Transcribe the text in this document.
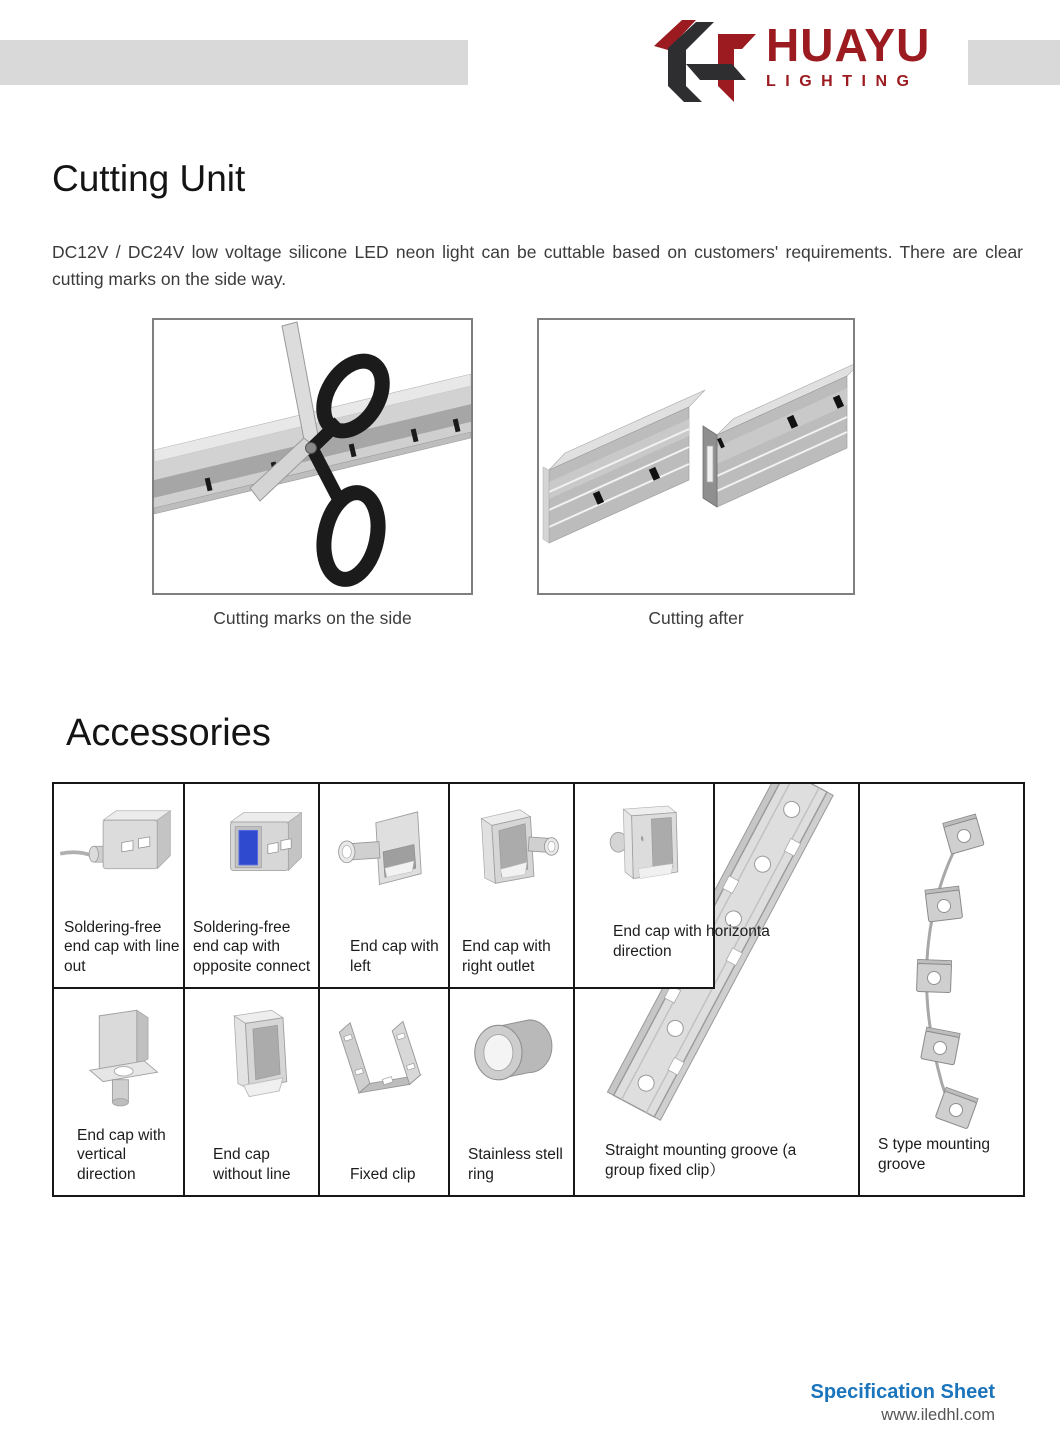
HUAYU
LIGHTING
Cutting Unit
DC12V / DC24V low voltage silicone LED neon light can be cuttable based on customers' requirements. There are clear cutting marks on the side way.
Cutting marks on the side	Cutting after
Accessories
Soldering-free end cap with line out
End cap with vertical direction
Soldering-free end cap with opposite connect
End cap without line
End cap with left
Fixed clip
End cap with right outlet
Stainless stell ring
Straight mounting groove (a group fixed clip）
End cap with horizonta direction
S type mounting groove
Specification Sheet
www.iledhl.com
